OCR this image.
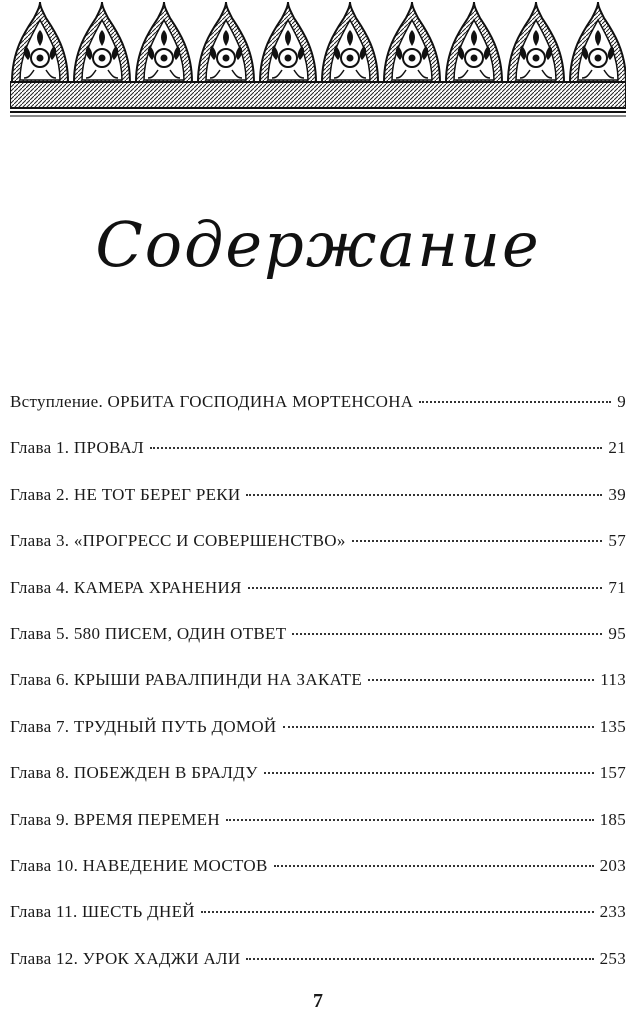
Содержание
Вступление. ОРБИТА ГОСПОДИНА МОРТЕНСОНА	9
Глава 1. ПРОВАЛ	21
Глава 2. НЕ ТОТ БЕРЕГ РЕКИ	39
Глава 3. «ПРОГРЕСС И СОВЕРШЕНСТВО»	57
Глава 4. КАМЕРА ХРАНЕНИЯ	71
Глава 5. 580 ПИСЕМ, ОДИН ОТВЕТ	95
Глава 6. КРЫШИ РАВАЛПИНДИ НА ЗАКАТЕ	113
Глава 7. ТРУДНЫЙ ПУТЬ ДОМОЙ	135
Глава 8. ПОБЕЖДЕН В БРАЛДУ	157
Глава 9. ВРЕМЯ ПЕРЕМЕН	185
Глава 10. НАВЕДЕНИЕ МОСТОВ	203
Глава 11. ШЕСТЬ ДНЕЙ	233
Глава 12. УРОК ХАДЖИ АЛИ	253
7
